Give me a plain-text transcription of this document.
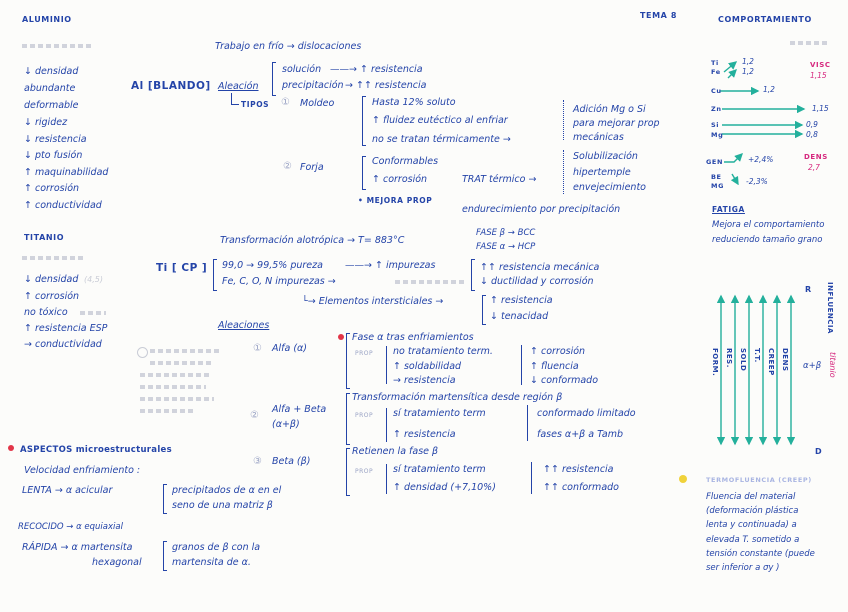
TEMA 8
ALUMINIO
↓ densidad
abundante
deformable
↓ rigidez
↓ resistencia
↓ pto fusión
↑ maquinabilidad
↑ corrosión
↑ conductividad
Al [BLANDO]
Trabajo en frío → dislocaciones
Aleación
solución ——→ ↑ resistencia
precipitación → ↑↑ resistencia
TIPOS ① Moldeo	Hasta 12% soluto
↑ fluidez eutéctico al enfriar
no se tratan térmicamente →
Adición Mg o Si
para mejorar prop
mecánicas
② Forja
Conformables
↑ corrosión	TRAT térmico →
Solubilización
hipertemple
envejecimiento
• MEJORA PROP
endurecimiento por precipitación
TITANIO
↓ densidad (4,5)
↑ corrosión
no tóxico
↑ resistencia ESP
→ conductividad
Ti [ CP ]
Transformación alotrópica → T= 883°C
FASE β → BCC
FASE α → HCP
99,0 → 99,5% pureza ——→ ↑ impurezas
Fe, C, O, N impurezas →
↑↑ resistencia mecánica
↓ ductilidad y corrosión
└→ Elementos intersticiales →	↑ resistencia
↓ tenacidad
Aleaciones
① Alfa (α)
Fase α tras enfriamientos
PROP no tratamiento term.
↑ soldabilidad
→ resistencia
↑ corrosión
↑ fluencia
↓ conformado
②
Alfa + Beta
(α+β)
Transformación martensítica desde región β
PROP sí tratamiento term
↑ resistencia
conformado limitado
fases α+β a Tamb
③ Beta (β)
Retienen la fase β
PROP sí tratamiento term
↑ densidad (+7,10%)
↑↑ resistencia
↑↑ conformado
ASPECTOS microestructurales
Velocidad enfriamiento :
LENTA → α acicular	precipitados de α en el
seno de una matriz β
RECOCIDO → α equiaxial
RÁPIDA → α martensita
hexagonal
granos de β con la
martensita de α.
COMPORTAMIENTO
Ti	1,2
Fe	1,2
VISC
1,15
Cu	1,2
Zn	1,15
Si	0,9
Mg	0,8
GEN	+2,4%	DENS
2,7
BE
MG	-2,3%
FATIGA
Mejora el comportamiento
reduciendo tamaño grano
R
FORM. RES. SOLD T.T. CREEP DENS
INFLUENCIA
α+β titanio
D
TERMOFLUENCIA (CREEP)
Fluencia del material
(deformación plástica
lenta y continuada) a
elevada T. sometido a
tensión constante (puede
ser inferior a σy )
